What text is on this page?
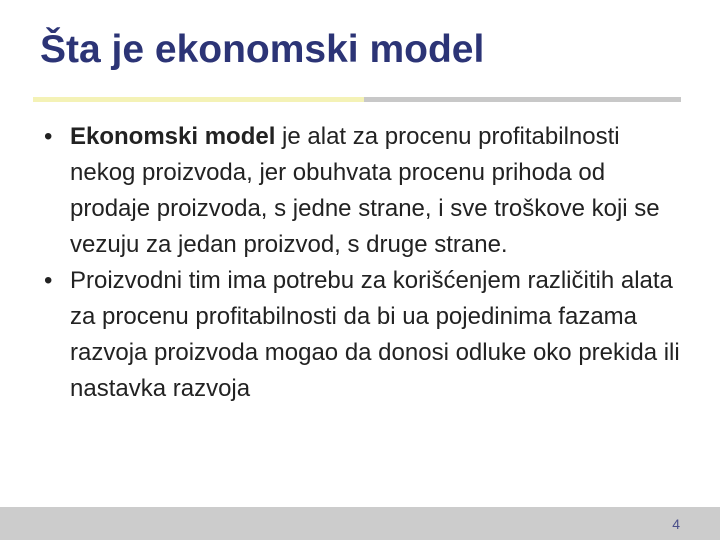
Šta je ekonomski model
• Ekonomski model je alat za procenu profitabilnosti nekog proizvoda, jer obuhvata procenu prihoda od prodaje proizvoda, s jedne strane, i sve troškove koji se vezuju za jedan proizvod, s druge strane.
• Proizvodni tim ima potrebu za korišćenjem različitih alata za procenu profitabilnosti da bi ua pojedinima fazama razvoja proizvoda mogao da donosi odluke oko prekida ili nastavka razvoja
4
